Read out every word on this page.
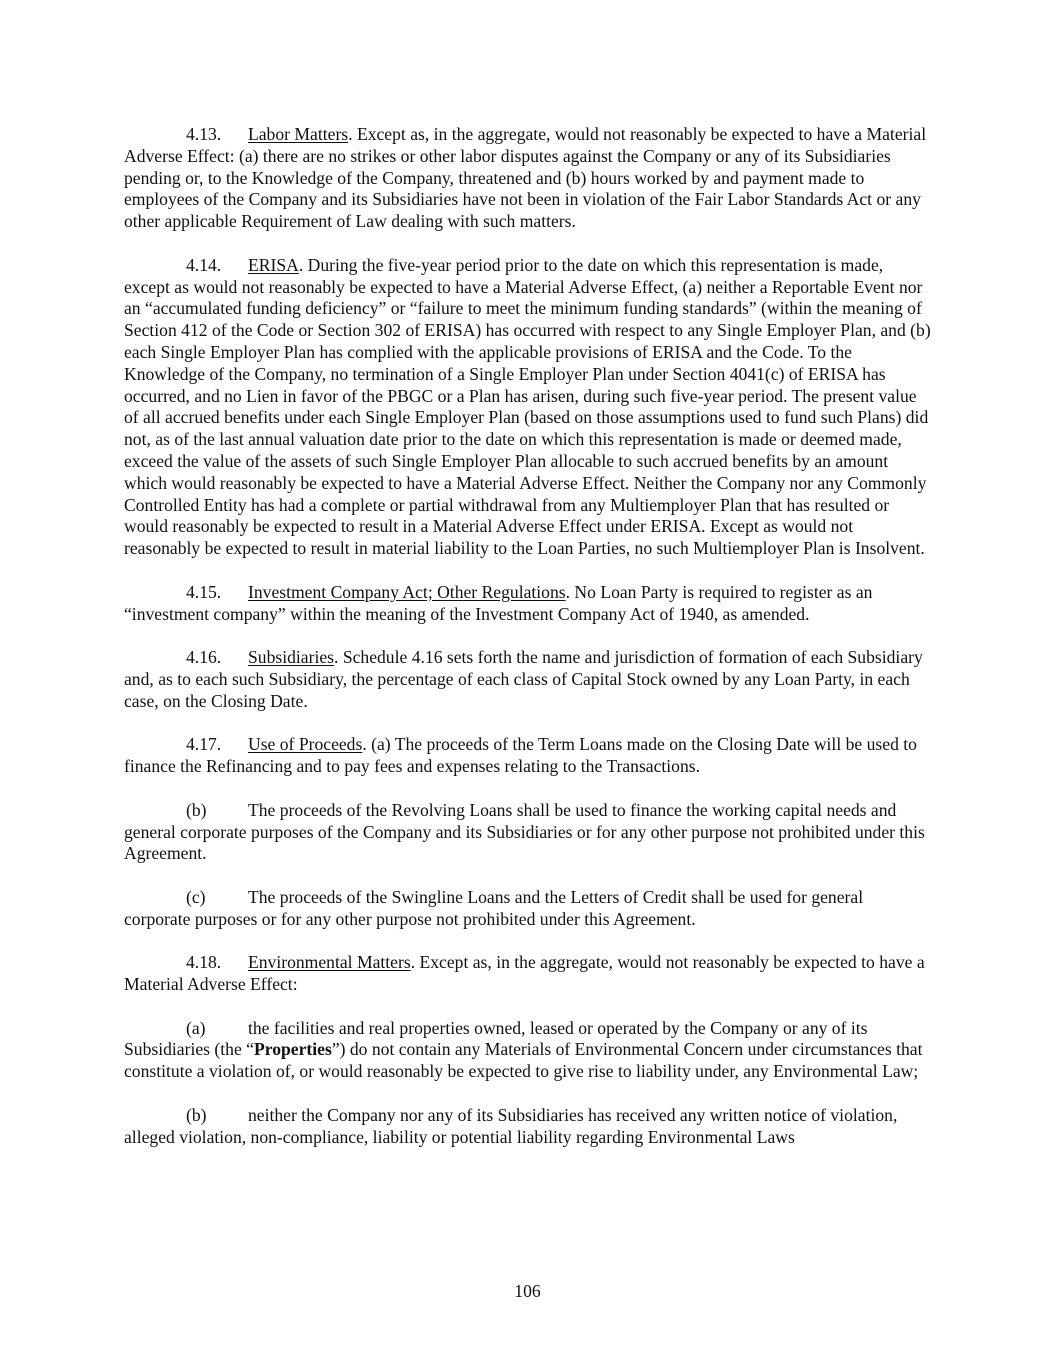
4.13. Labor Matters. Except as, in the aggregate, would not reasonably be expected to have a Material Adverse Effect: (a) there are no strikes or other labor disputes against the Company or any of its Subsidiaries pending or, to the Knowledge of the Company, threatened and (b) hours worked by and payment made to employees of the Company and its Subsidiaries have not been in violation of the Fair Labor Standards Act or any other applicable Requirement of Law dealing with such matters.

4.14. ERISA. During the five-year period prior to the date on which this representation is made, except as would not reasonably be expected to have a Material Adverse Effect, (a) neither a Reportable Event nor an “accumulated funding deficiency” or “failure to meet the minimum funding standards” (within the meaning of Section 412 of the Code or Section 302 of ERISA) has occurred with respect to any Single Employer Plan, and (b) each Single Employer Plan has complied with the applicable provisions of ERISA and the Code. To the Knowledge of the Company, no termination of a Single Employer Plan under Section 4041(c) of ERISA has occurred, and no Lien in favor of the PBGC or a Plan has arisen, during such five-year period. The present value of all accrued benefits under each Single Employer Plan (based on those assumptions used to fund such Plans) did not, as of the last annual valuation date prior to the date on which this representation is made or deemed made, exceed the value of the assets of such Single Employer Plan allocable to such accrued benefits by an amount which would reasonably be expected to have a Material Adverse Effect. Neither the Company nor any Commonly Controlled Entity has had a complete or partial withdrawal from any Multiemployer Plan that has resulted or would reasonably be expected to result in a Material Adverse Effect under ERISA. Except as would not reasonably be expected to result in material liability to the Loan Parties, no such Multiemployer Plan is Insolvent.

4.15. Investment Company Act; Other Regulations. No Loan Party is required to register as an “investment company” within the meaning of the Investment Company Act of 1940, as amended.

4.16. Subsidiaries. Schedule 4.16 sets forth the name and jurisdiction of formation of each Subsidiary and, as to each such Subsidiary, the percentage of each class of Capital Stock owned by any Loan Party, in each case, on the Closing Date.

4.17. Use of Proceeds. (a) The proceeds of the Term Loans made on the Closing Date will be used to finance the Refinancing and to pay fees and expenses relating to the Transactions.

(b) The proceeds of the Revolving Loans shall be used to finance the working capital needs and general corporate purposes of the Company and its Subsidiaries or for any other purpose not prohibited under this Agreement.

(c) The proceeds of the Swingline Loans and the Letters of Credit shall be used for general corporate purposes or for any other purpose not prohibited under this Agreement.

4.18. Environmental Matters. Except as, in the aggregate, would not reasonably be expected to have a Material Adverse Effect:

(a) the facilities and real properties owned, leased or operated by the Company or any of its Subsidiaries (the “Properties”) do not contain any Materials of Environmental Concern under circumstances that constitute a violation of, or would reasonably be expected to give rise to liability under, any Environmental Law;

(b) neither the Company nor any of its Subsidiaries has received any written notice of violation, alleged violation, non-compliance, liability or potential liability regarding Environmental Laws

106
